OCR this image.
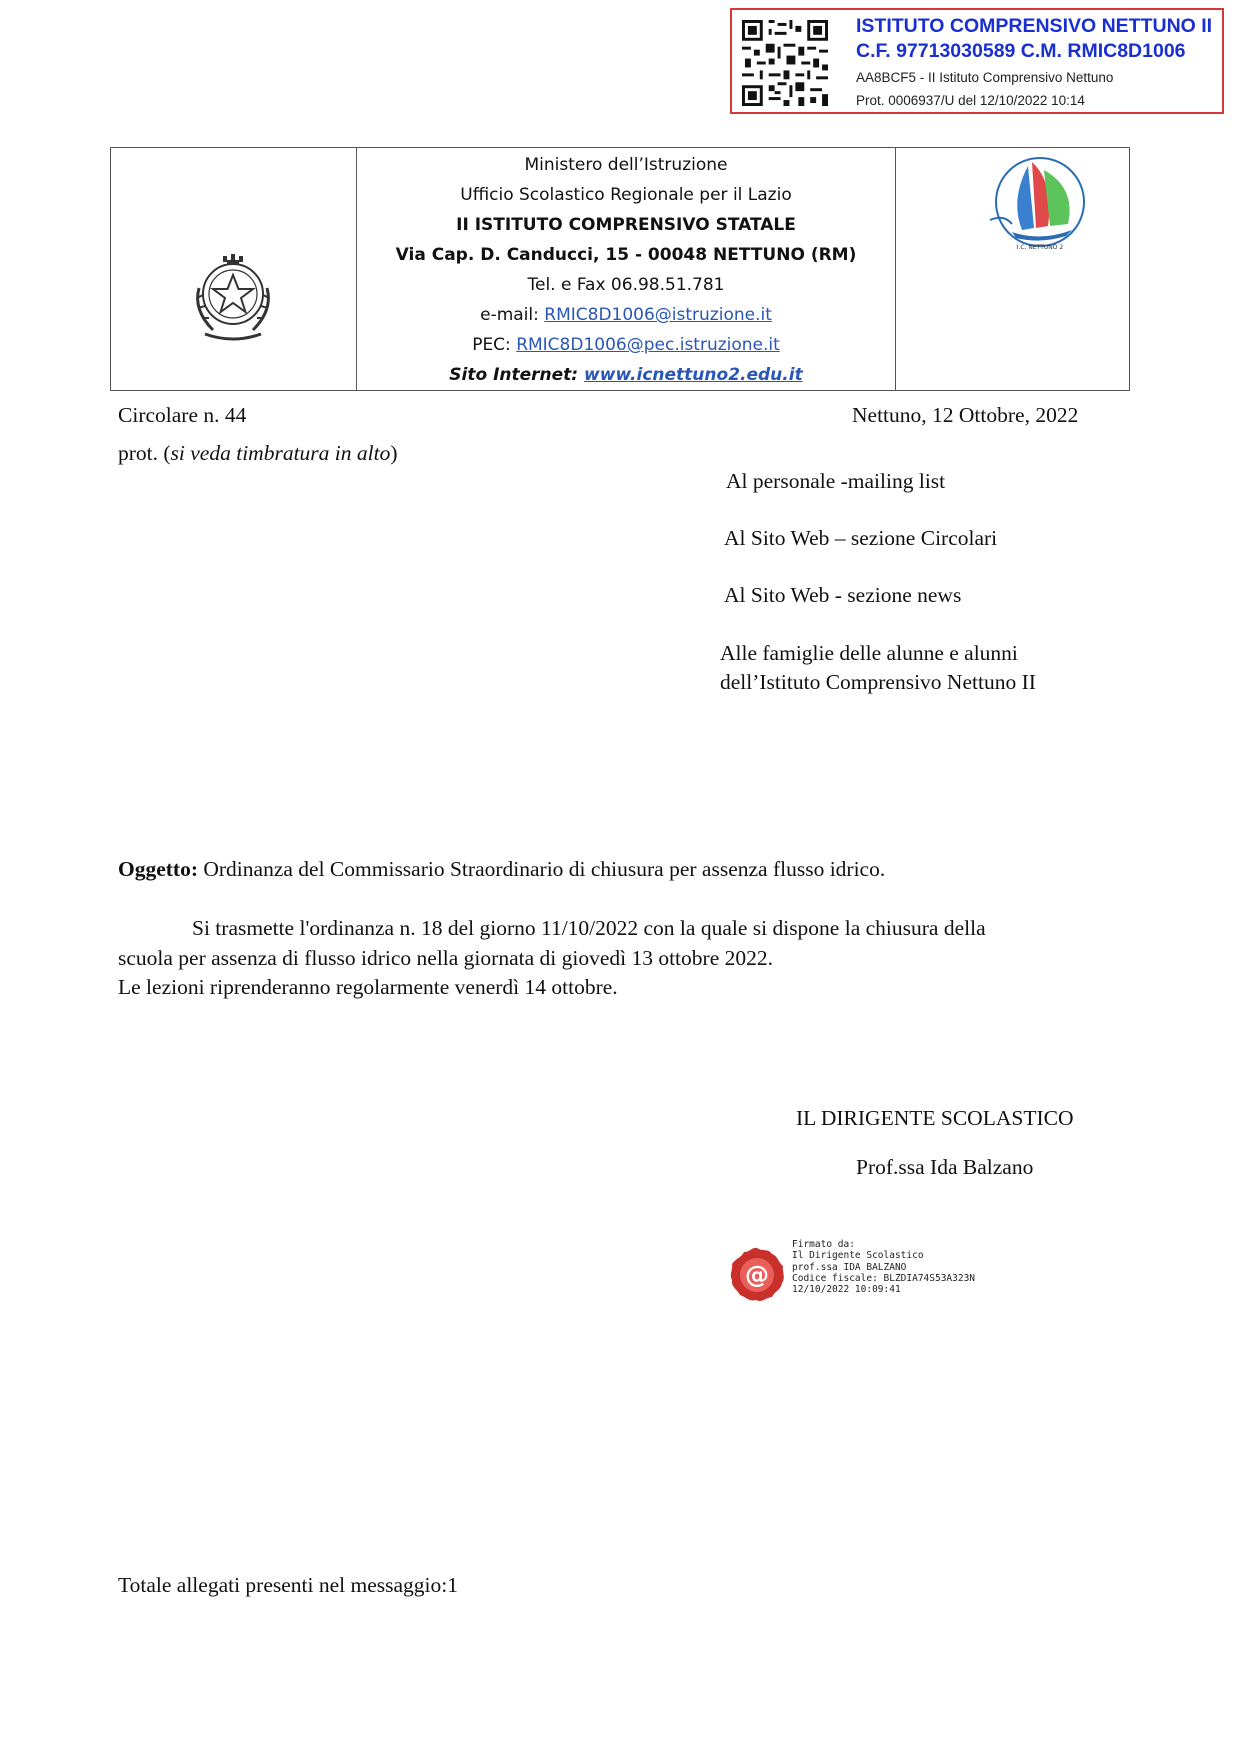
ISTITUTO COMPRENSIVO NETTUNO II
C.F. 97713030589 C.M. RMIC8D1006
AA8BCF5 - II Istituto Comprensivo Nettuno
Prot. 0006937/U del 12/10/2022 10:14
Ministero dell’Istruzione
Ufficio Scolastico Regionale per il Lazio
II ISTITUTO COMPRENSIVO STATALE
Via Cap. D. Canducci, 15 - 00048 NETTUNO (RM)
Tel. e Fax 06.98.51.781
e-mail: RMIC8D1006@istruzione.it
PEC: RMIC8D1006@pec.istruzione.it
Sito Internet: www.icnettuno2.edu.it
I.C. NETTUNO 2
Circolare n. 44	Nettuno, 12 Ottobre, 2022
prot. (si veda timbratura in alto)
Al personale -mailing list
Al Sito Web – sezione Circolari
Al Sito Web - sezione news
Alle famiglie delle alunne e alunni
dell’Istituto Comprensivo Nettuno II
Oggetto: Ordinanza del Commissario Straordinario di chiusura per assenza flusso idrico.
Si trasmette l'ordinanza n. 18 del giorno 11/10/2022 con la quale si dispone la chiusura della
scuola per assenza di flusso idrico nella giornata di giovedì 13 ottobre 2022.
Le lezioni riprenderanno regolarmente venerdì 14 ottobre.
IL DIRIGENTE SCOLASTICO
Prof.ssa Ida Balzano
@
Firmato da:
Il Dirigente Scolastico
prof.ssa IDA BALZANO
Codice fiscale: BLZDIA74S53A323N
12/10/2022 10:09:41
Totale allegati presenti nel messaggio:1
